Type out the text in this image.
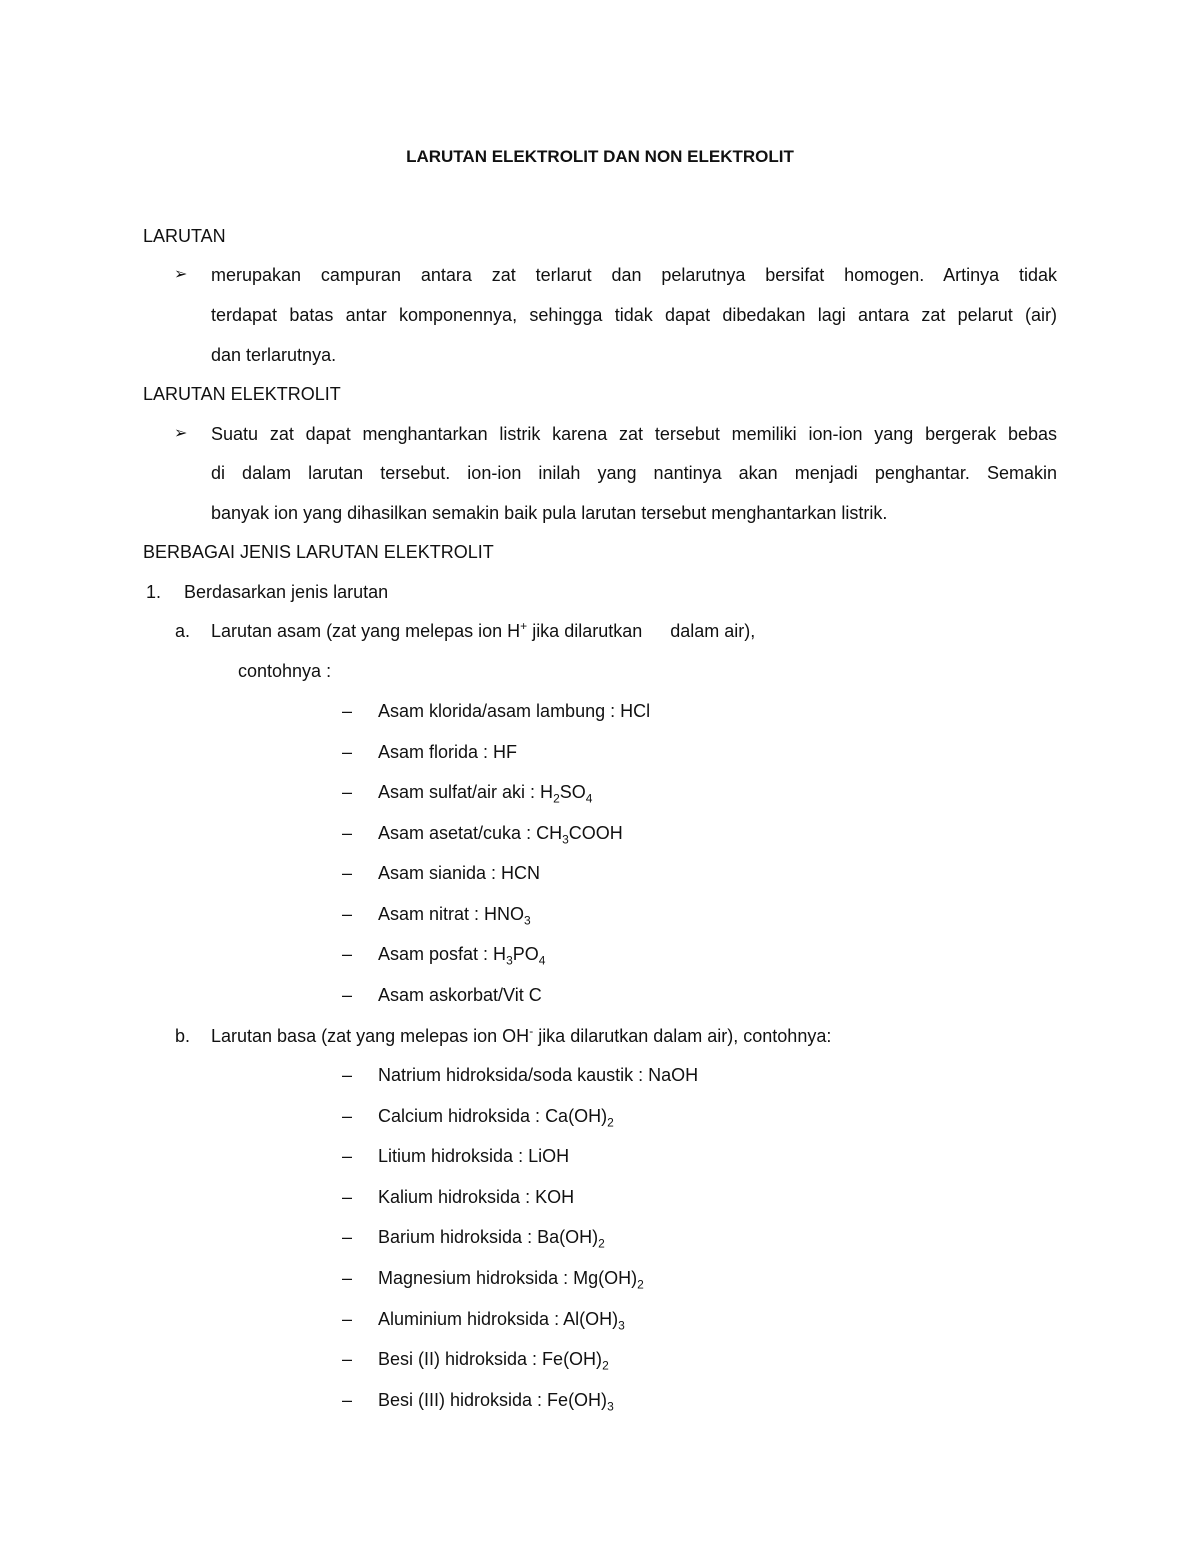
LARUTAN ELEKTROLIT DAN NON ELEKTROLIT
LARUTAN
➢ merupakan campuran antara zat terlarut dan pelarutnya bersifat homogen. Artinya tidak
terdapat batas antar komponennya, sehingga tidak dapat dibedakan lagi antara zat pelarut (air)
dan terlarutnya.
LARUTAN ELEKTROLIT
➢ Suatu zat dapat menghantarkan listrik karena zat tersebut memiliki ion-ion yang bergerak bebas
di dalam larutan tersebut. ion-ion inilah yang nantinya akan menjadi penghantar. Semakin
banyak ion yang dihasilkan semakin baik pula larutan tersebut menghantarkan listrik.
BERBAGAI JENIS LARUTAN ELEKTROLIT
1. Berdasarkan jenis larutan
a. Larutan asam (zat yang melepas ion H+ jika dilarutkan dalam air),
contohnya :
– Asam klorida/asam lambung : HCl
– Asam florida : HF
– Asam sulfat/air aki : $H_2SO_4$
– Asam asetat/cuka : $CH_3COOH$
– Asam sianida : HCN
– Asam nitrat : $HNO_3$
– Asam posfat : $H_3PO_4$
– Asam askorbat/Vit C
b. Larutan basa (zat yang melepas ion OH- jika dilarutkan dalam air), contohnya:
– Natrium hidroksida/soda kaustik : NaOH
– Calcium hidroksida : $Ca(OH)_2$
– Litium hidroksida : LiOH
– Kalium hidroksida : KOH
– Barium hidroksida : $Ba(OH)_2$
– Magnesium hidroksida : $Mg(OH)_2$
– Aluminium hidroksida : $Al(OH)_3$
– Besi (II) hidroksida : $Fe(OH)_2$
– Besi (III) hidroksida : $Fe(OH)_3$
